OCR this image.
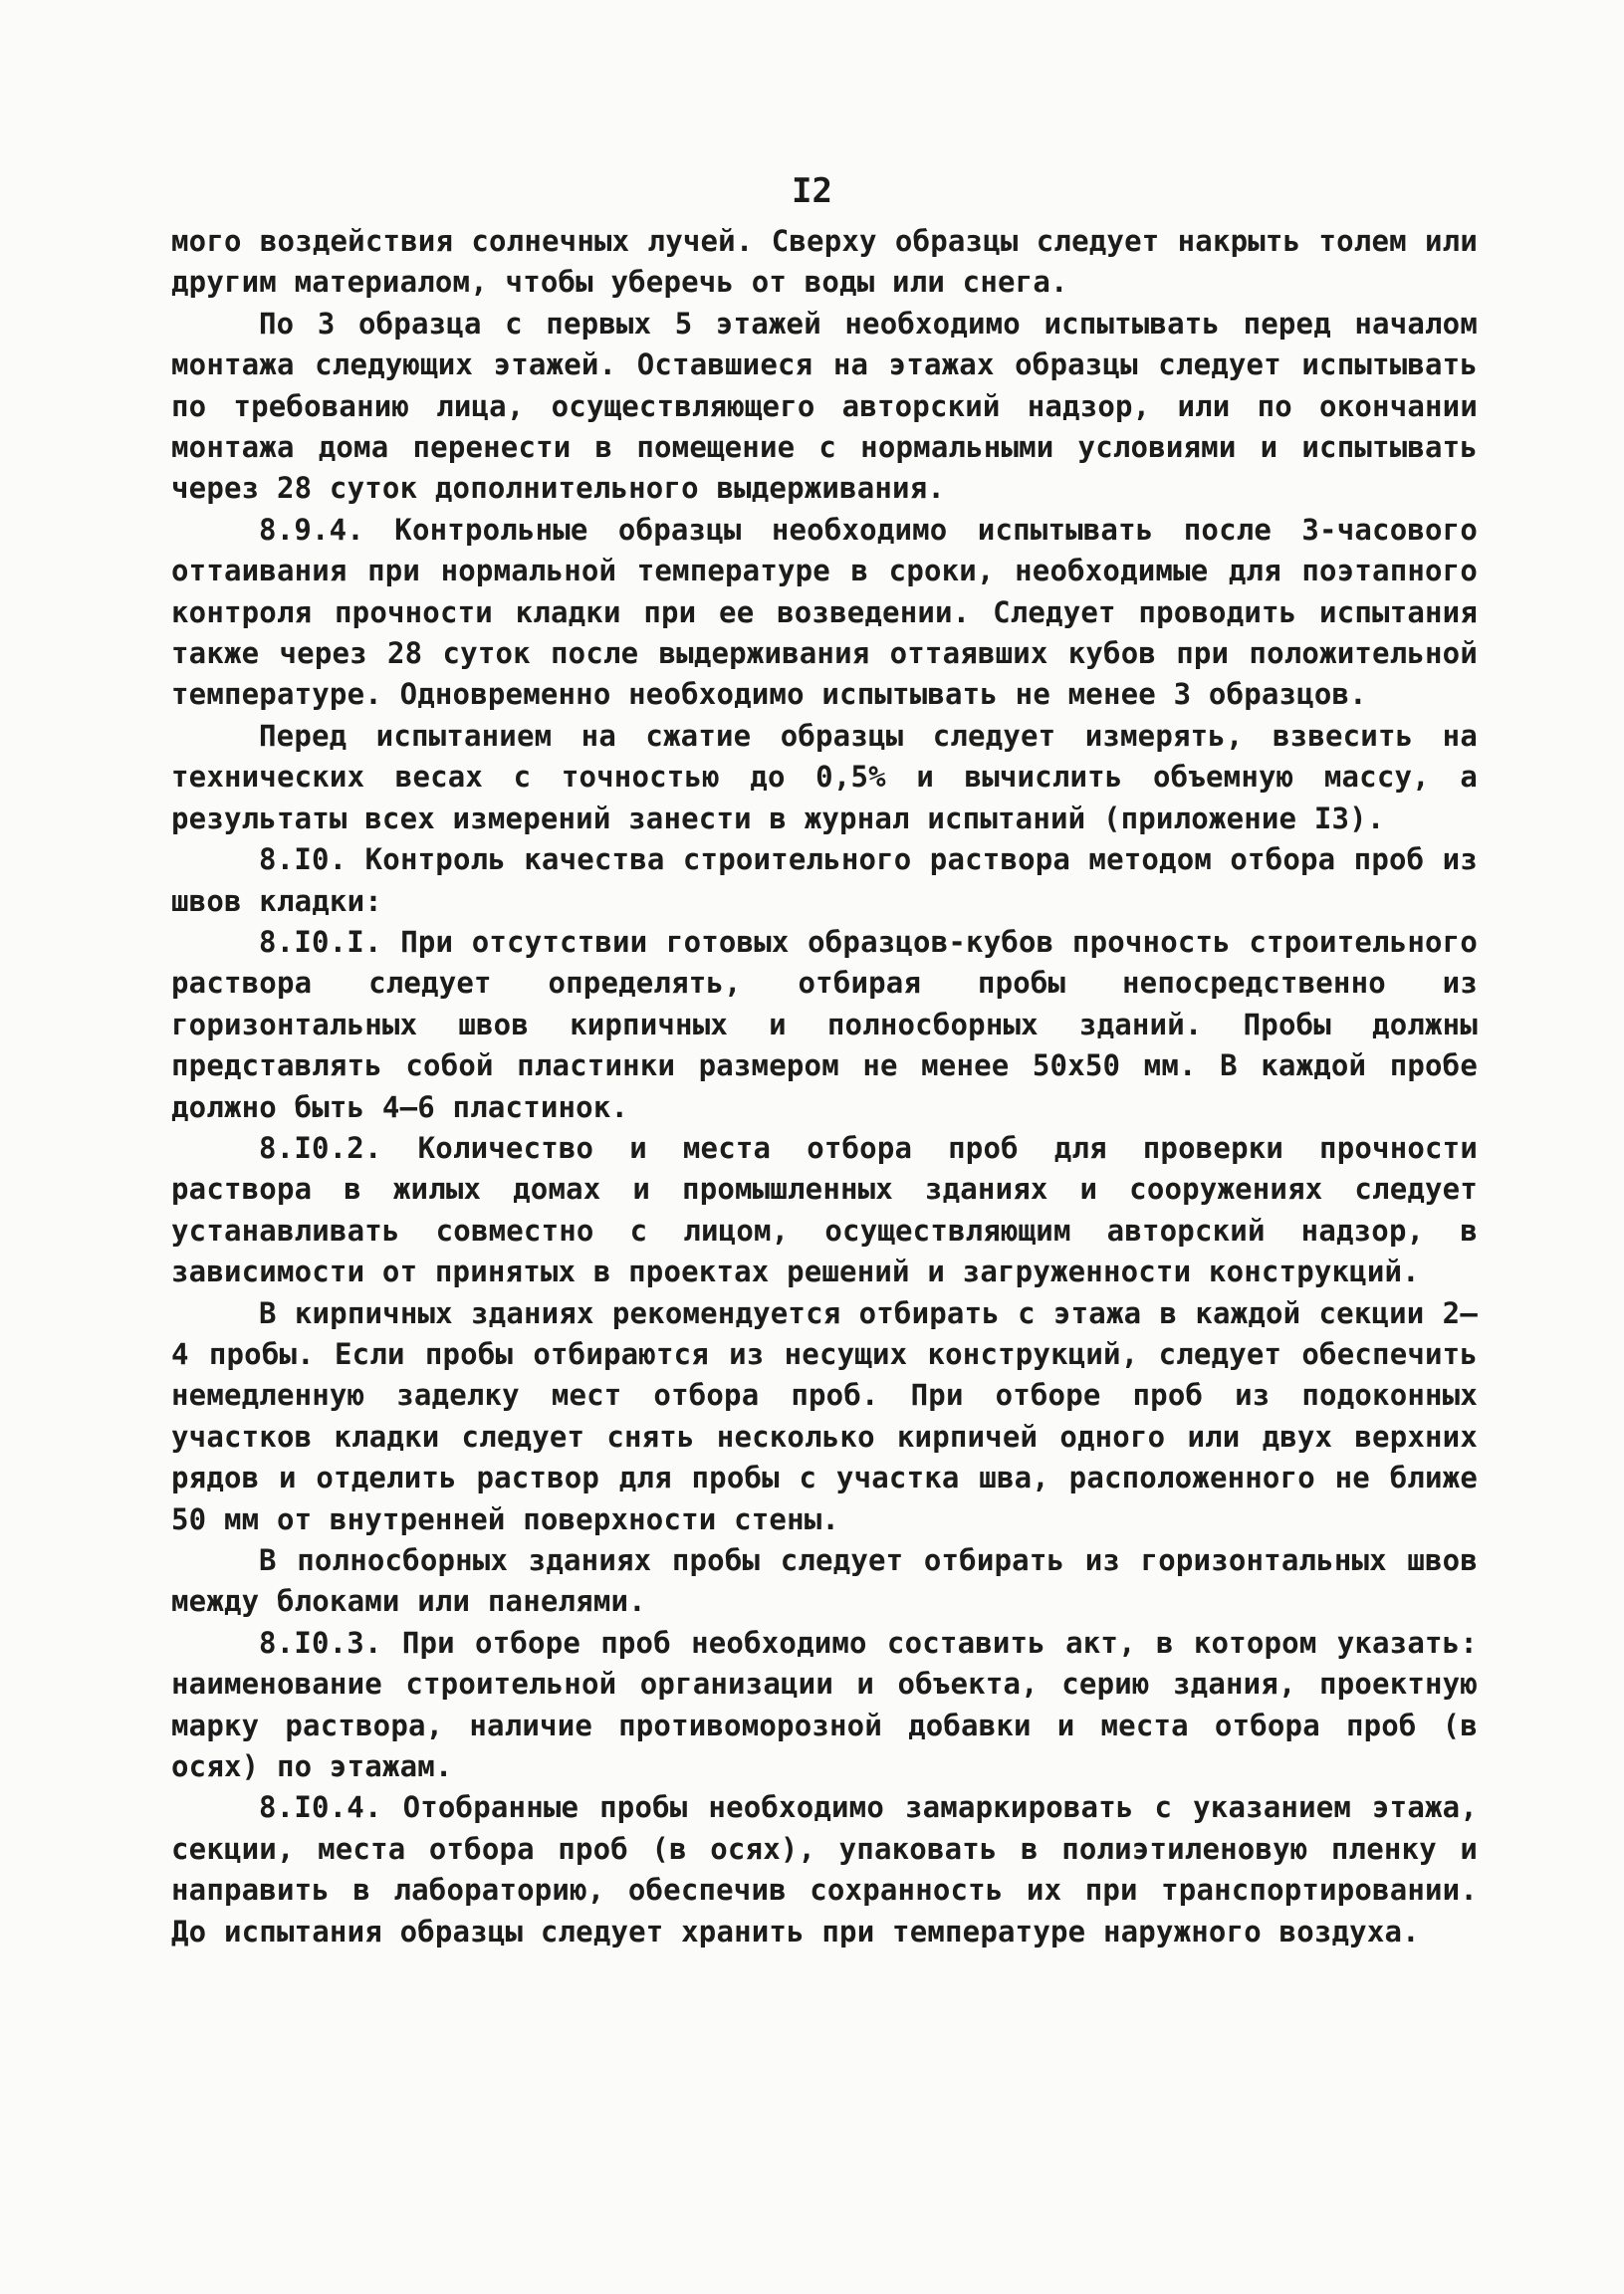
I2

мого воздействия солнечных лучей. Сверху образцы следует накрыть толем или другим материалом, чтобы уберечь от воды или снега.

По 3 образца с первых 5 этажей необходимо испытывать перед началом монтажа следующих этажей. Оставшиеся на этажах образцы следует испытывать по требованию лица, осуществляющего авторский надзор, или по окончании монтажа дома перенести в помещение с нормальными условиями и испытывать через 28 суток дополнительного выдерживания.

8.9.4. Контрольные образцы необходимо испытывать после 3-часового оттаивания при нормальной температуре в сроки, необходимые для поэтапного контроля прочности кладки при ее возведении. Следует проводить испытания также через 28 суток после выдерживания оттаявших кубов при положительной температуре. Одновременно необходимо испытывать не менее 3 образцов.

Перед испытанием на сжатие образцы следует измерять, взвесить на технических весах с точностью до 0,5% и вычислить объемную массу, а результаты всех измерений занести в журнал испытаний (приложение I3).

8.I0. Контроль качества строительного раствора методом отбора проб из швов кладки:

8.I0.I. При отсутствии готовых образцов-кубов прочность строительного раствора следует определять, отбирая пробы непосредственно из горизонтальных швов кирпичных и полносборных зданий. Пробы должны представлять собой пластинки размером не менее 50х50 мм. В каждой пробе должно быть 4–6 пластинок.

8.I0.2. Количество и места отбора проб для проверки прочности раствора в жилых домах и промышленных зданиях и сооружениях следует устанавливать совместно с лицом, осуществляющим авторский надзор, в зависимости от принятых в проектах решений и загруженности конструкций.

В кирпичных зданиях рекомендуется отбирать с этажа в каждой секции 2–4 пробы. Если пробы отбираются из несущих конструкций, следует обеспечить немедленную заделку мест отбора проб. При отборе проб из подоконных участков кладки следует снять несколько кирпичей одного или двух верхних рядов и отделить раствор для пробы с участка шва, расположенного не ближе 50 мм от внутренней поверхности стены.

В полносборных зданиях пробы следует отбирать из горизонтальных швов между блоками или панелями.

8.I0.3. При отборе проб необходимо составить акт, в котором указать: наименование строительной организации и объекта, серию здания, проектную марку раствора, наличие противоморозной добавки и места отбора проб (в осях) по этажам.

8.I0.4. Отобранные пробы необходимо замаркировать с указанием этажа, секции, места отбора проб (в осях), упаковать в полиэтиленовую пленку и направить в лабораторию, обеспечив сохранность их при транспортировании. До испытания образцы следует хранить при температуре наружного воздуха.
